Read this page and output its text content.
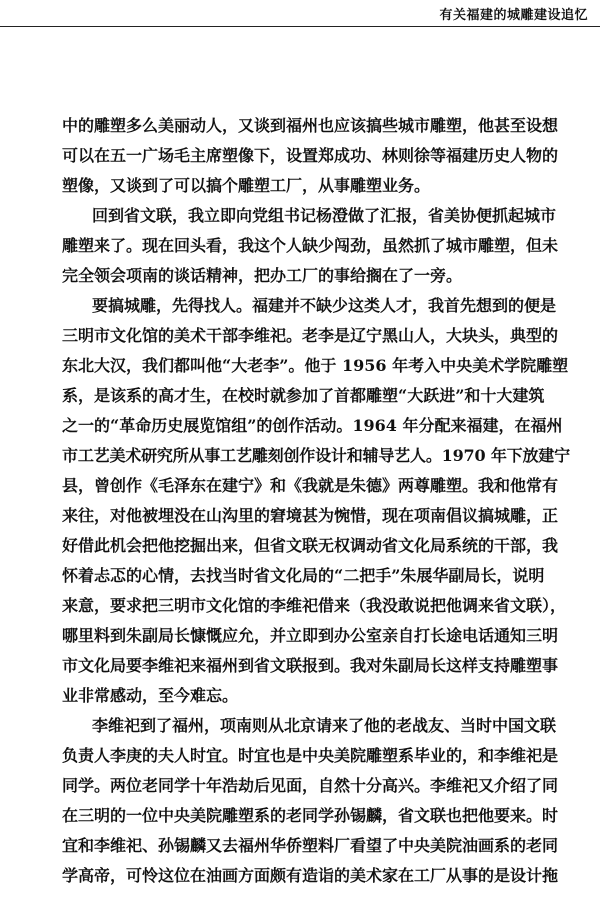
有关福建的城雕建设追忆
中的雕塑多么美丽动人，又谈到福州也应该搞些城市雕塑，他甚至设想
可以在五一广场毛主席塑像下，设置郑成功、林则徐等福建历史人物的
塑像，又谈到了可以搞个雕塑工厂，从事雕塑业务。
回到省文联，我立即向党组书记杨澄做了汇报，省美协便抓起城市
雕塑来了。现在回头看，我这个人缺少闯劲，虽然抓了城市雕塑，但未
完全领会项南的谈话精神，把办工厂的事给搁在了一旁。
要搞城雕，先得找人。福建并不缺少这类人才，我首先想到的便是
三明市文化馆的美术干部李维祀。老李是辽宁黑山人，大块头，典型的
东北大汉，我们都叫他“大老李”。他于 1956 年考入中央美术学院雕塑
系，是该系的高才生，在校时就参加了首都雕塑“大跃进”和十大建筑
之一的“革命历史展览馆组”的创作活动。1964 年分配来福建，在福州
市工艺美术研究所从事工艺雕刻创作设计和辅导艺人。1970 年下放建宁
县，曾创作《毛泽东在建宁》和《我就是朱德》两尊雕塑。我和他常有
来往，对他被埋没在山沟里的窘境甚为惋惜，现在项南倡议搞城雕，正
好借此机会把他挖掘出来，但省文联无权调动省文化局系统的干部，我
怀着忐忑的心情，去找当时省文化局的“二把手”朱展华副局长，说明
来意，要求把三明市文化馆的李维祀借来（我没敢说把他调来省文联），
哪里料到朱副局长慷慨应允，并立即到办公室亲自打长途电话通知三明
市文化局要李维祀来福州到省文联报到。我对朱副局长这样支持雕塑事
业非常感动，至今难忘。
李维祀到了福州，项南则从北京请来了他的老战友、当时中国文联
负责人李庚的夫人时宜。时宜也是中央美院雕塑系毕业的，和李维祀是
同学。两位老同学十年浩劫后见面，自然十分高兴。李维祀又介绍了同
在三明的一位中央美院雕塑系的老同学孙锡麟，省文联也把他要来。时
宜和李维祀、孙锡麟又去福州华侨塑料厂看望了中央美院油画系的老同
学高帝，可怜这位在油画方面颇有造诣的美术家在工厂从事的是设计拖
